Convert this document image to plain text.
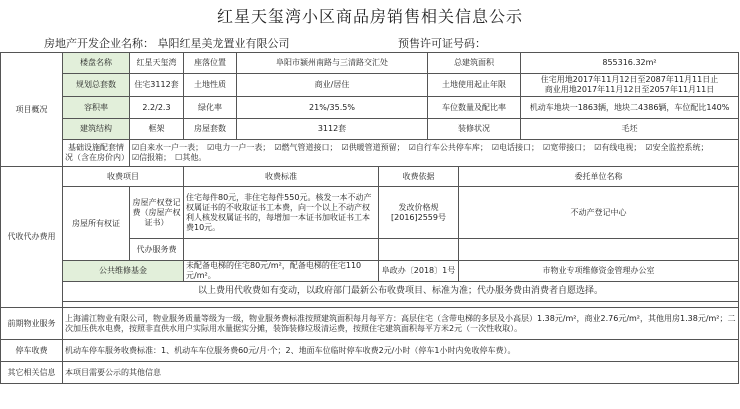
红星天玺湾小区商品房销售相关信息公示
房地产开发企业名称： 阜阳红星美龙置业有限公司	预售许可证号码：
项目概况	楼盘名称	红星天玺湾	座落位置	阜阳市颍州南路与三清路交汇处		总建筑面积		855316.32m²
	规划总套数	住宅3112套	土地性质	商业/居住		土地使用起止年限		住宅用地2017年11月12日至2087年11月11日止
商业用地2017年11月12日至2057年11月11日

	容积率	2.2/2.3	绿化率	21%/35.5%		车位数量及配比率		机动车地块一1863辆，地块二4386辆，车位配比140%
	建筑结构	框架	房屋套数	3112套		装修状况		毛坯
	基础设施配套情况（含在房价内）	☑自来水一户一表； ☑电力一户一表； ☑燃气管道接口； ☑供暖管道预留； ☑自行车公共停车库； ☑电话接口； ☑宽带接口； ☑有线电视； ☑安全监控系统；☑信报箱； ☐其他。						
代收代办费用	收费项目		收费标准		收费依据		委托单位名称	
	房屋所有权证	房屋产权登记费（房屋产权证书）	住宅每件80元，非住宅每件550元。核发一本不动产权属证书的不收取证书工本费，向一个以上不动产权利人核发权属证书的，每增加一本证书加收证书工本费10元。		发改价格规[2016]2559号		不动产登记中心	
		代办服务费						
	公共维修基金		未配备电梯的住宅80元/m²，配备电梯的住宅110元/m²。		阜政办〔2018〕1号		市物业专项维修资金管理办公室	
	以上费用代收费如有变动，以政府部门最新公布收费项目、标准为准；代办服务费由消费者自愿选择。							

前期物业服务	上海浦江物业有限公司，物业服务质量等级为一级，物业服务费标准按照建筑面积每月每平方：高层住宅（含带电梯的多层及小高层）1.38元/m²，商业2.76元/m²，其他用房1.38元/m²；二次加压供水电费，按照非直供水用户实际用水量据实分摊，装饰装修垃圾清运费，按照住宅建筑面积每平方米2元（一次性收取）。							
停车收费	机动车停车服务收费标准：1、机动车车位服务费60元/月·个；2、地面车位临时停车收费2元/小时（停车1小时内免收停车费）。							
其它相关信息	本项目需要公示的其他信息							
